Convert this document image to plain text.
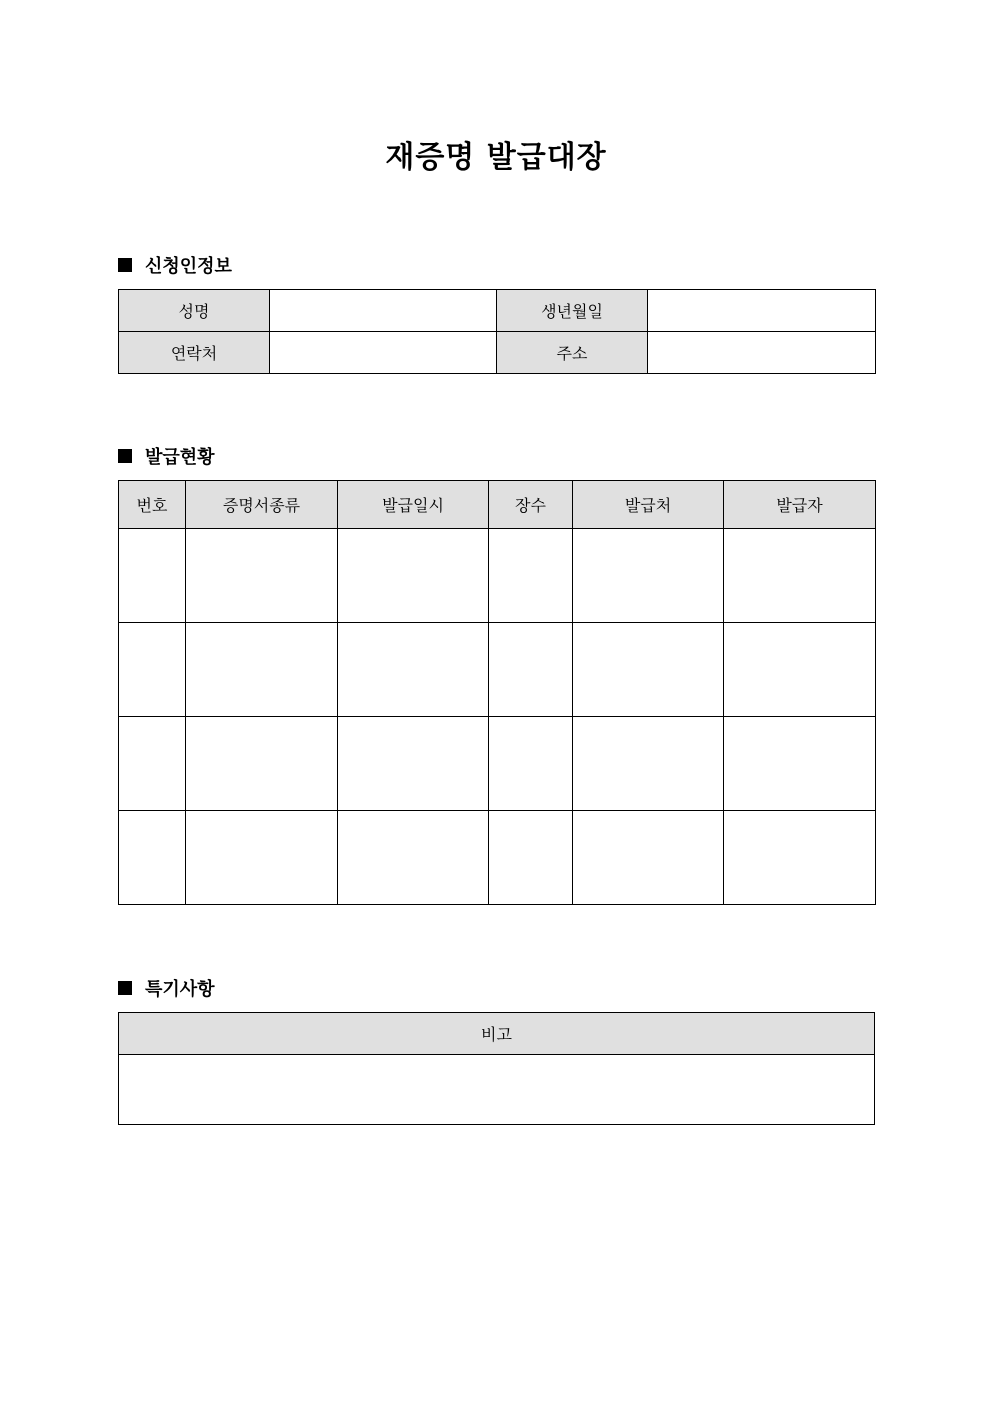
재증명 발급대장
신청인정보
성명		생년월일	
연락처		주소	
발급현황
번호	증명서종류	발급일시	장수	발급처	발급자

특기사항
비고
